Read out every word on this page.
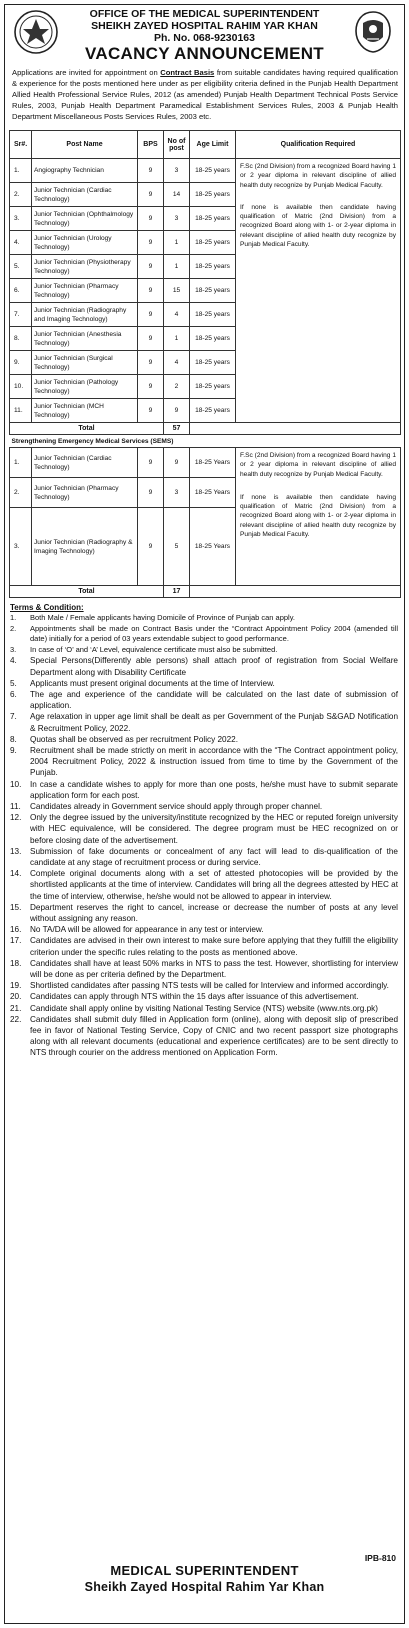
OFFICE OF THE MEDICAL SUPERINTENDENT
SHEIKH ZAYED HOSPITAL RAHIM YAR KHAN
Ph. No. 068-9230163
VACANCY ANNOUNCEMENT
Applications are invited for appointment on Contract Basis from suitable candidates having required qualification & experience for the posts mentioned here under as per eligibility criteria defined in the Punjab Health Department Allied Health Professional Service Rules, 2012 (as amended) Punjab Health Department Technical Posts Service Rules, 2003, Punjab Health Department Paramedical Establishment Services Rules, 2003 & Punjab Health Department Miscellaneous Posts Services Rules, 2003 etc.
Sr#.	Post Name	BPS	No of post	Age Limit	Qualification Required
1.	Angiography Technician	9	3	18-25 years	F.Sc (2nd Division) from a recognized Board having 1 or 2 year diploma in relevant discipline of allied health duty recognize by Punjab Medical Faculty.
If none is available then candidate having qualification of Matric (2nd Division) from a recognized Board along with 1- or 2-year diploma in relevant discipline of allied health duty recognize by Punjab Medical Faculty.

2.	Junior Technician (Cardiac Technology)	9	14	18-25 years	
3.	Junior Technician (Ophthalmology Technology)	9	3	18-25 years	
4.	Junior Technician (Urology Technology)	9	1	18-25 years	
5.	Junior Technician (Physiotherapy Technology)	9	1	18-25 years	
6.	Junior Technician (Pharmacy Technology)	9	15	18-25 years	
7.	Junior Technician (Radiography and Imaging Technology)	9	4	18-25 years	
8.	Junior Technician (Anesthesia Technology)	9	1	18-25 years	
9.	Junior Technician (Surgical Technology)	9	4	18-25 years	
10.	Junior Technician (Pathology Technology)	9	2	18-25 years	
11.	Junior Technician (MCH Technology)	9	9	18-25 years	
Total			57		
Strengthening Emergency Medical Services (SEMS)					
1.	Junior Technician (Cardiac Technology)	9	9	18-25 Years	F.Sc (2nd Division) from a recognized Board having 1 or 2 year diploma in relevant discipline of allied health duty recognize by Punjab Medical Faculty.
If none is available then candidate having qualification of Matric (2nd Division) from a recognized Board along with 1- or 2-year diploma in relevant discipline of allied health duty recognize by Punjab Medical Faculty.

2.	Junior Technician (Pharmacy Technology)	9	3	18-25 Years	
3.	Junior Technician (Radiography & Imaging Technology)	9	5	18-25 Years	
Total			17		
Terms & Condition:
1.	Both Male / Female applicants having Domicile of Province of Punjab can apply.
2.	Appointments shall be made on Contract Basis under the “Contract Appointment Policy 2004 (amended till date) initially for a period of 03 years extendable subject to good performance.
3.	In case of ‘O’ and ‘A’ Level, equivalence certificate must also be submitted.
4.	Special Persons(Differently able persons) shall attach proof of registration from Social Welfare Department along with Disability Certificate
5.	Applicants must present original documents at the time of Interview.
6.	The age and experience of the candidate will be calculated on the last date of submission of application.
7.	Age relaxation in upper age limit shall be dealt as per Government of the Punjab S&GAD Notification & Recruitment Policy, 2022.
8.	Quotas shall be observed as per recruitment Policy 2022.
9.	Recruitment shall be made strictly on merit in accordance with the “The Contract appointment policy, 2004 Recruitment Policy, 2022 & instruction issued from time to time by the Government of the Punjab.
10.	In case a candidate wishes to apply for more than one posts, he/she must have to submit separate application form for each post.
11.	Candidates already in Government service should apply through proper channel.
12.	Only the degree issued by the university/institute recognized by the HEC or reputed foreign university with HEC equivalence, will be considered. The degree program must be HEC recognized on or before closing date of the advertisement.
13.	Submission of fake documents or concealment of any fact will lead to dis-qualification of the candidate at any stage of recruitment process or during service.
14.	Complete original documents along with a set of attested photocopies will be provided by the shortlisted applicants at the time of interview. Candidates will bring all the degrees attested by HEC at the time of interview, otherwise, he/she would not be allowed to appear in interview.
15.	Department reserves the right to cancel, increase or decrease the number of posts at any level without assigning any reason.
16.	No TA/DA will be allowed for appearance in any test or interview.
17.	Candidates are advised in their own interest to make sure before applying that they fulfill the eligibility criterion under the specific rules relating to the posts as mentioned above.
18.	Candidates shall have at least 50% marks in NTS to pass the test. However, shortlisting for interview will be done as per criteria defined by the Department.
19.	Shortlisted candidates after passing NTS tests will be called for Interview and informed accordingly.
20.	Candidates can apply through NTS within the 15 days after issuance of this advertisement.
21.	Candidate shall apply online by visiting National Testing Service (NTS) website (www.nts.org.pk)
22.	Candidates shall submit duly filled in Application form (online), along with deposit slip of prescribed fee in favor of National Testing Service, Copy of CNIC and two recent passport size photographs along with all relevant documents (educational and experience certificates) are to be sent directly to NTS through courier on the address mentioned on Application Form.
IPB-810
MEDICAL SUPERINTENDENT
Sheikh Zayed Hospital Rahim Yar Khan
